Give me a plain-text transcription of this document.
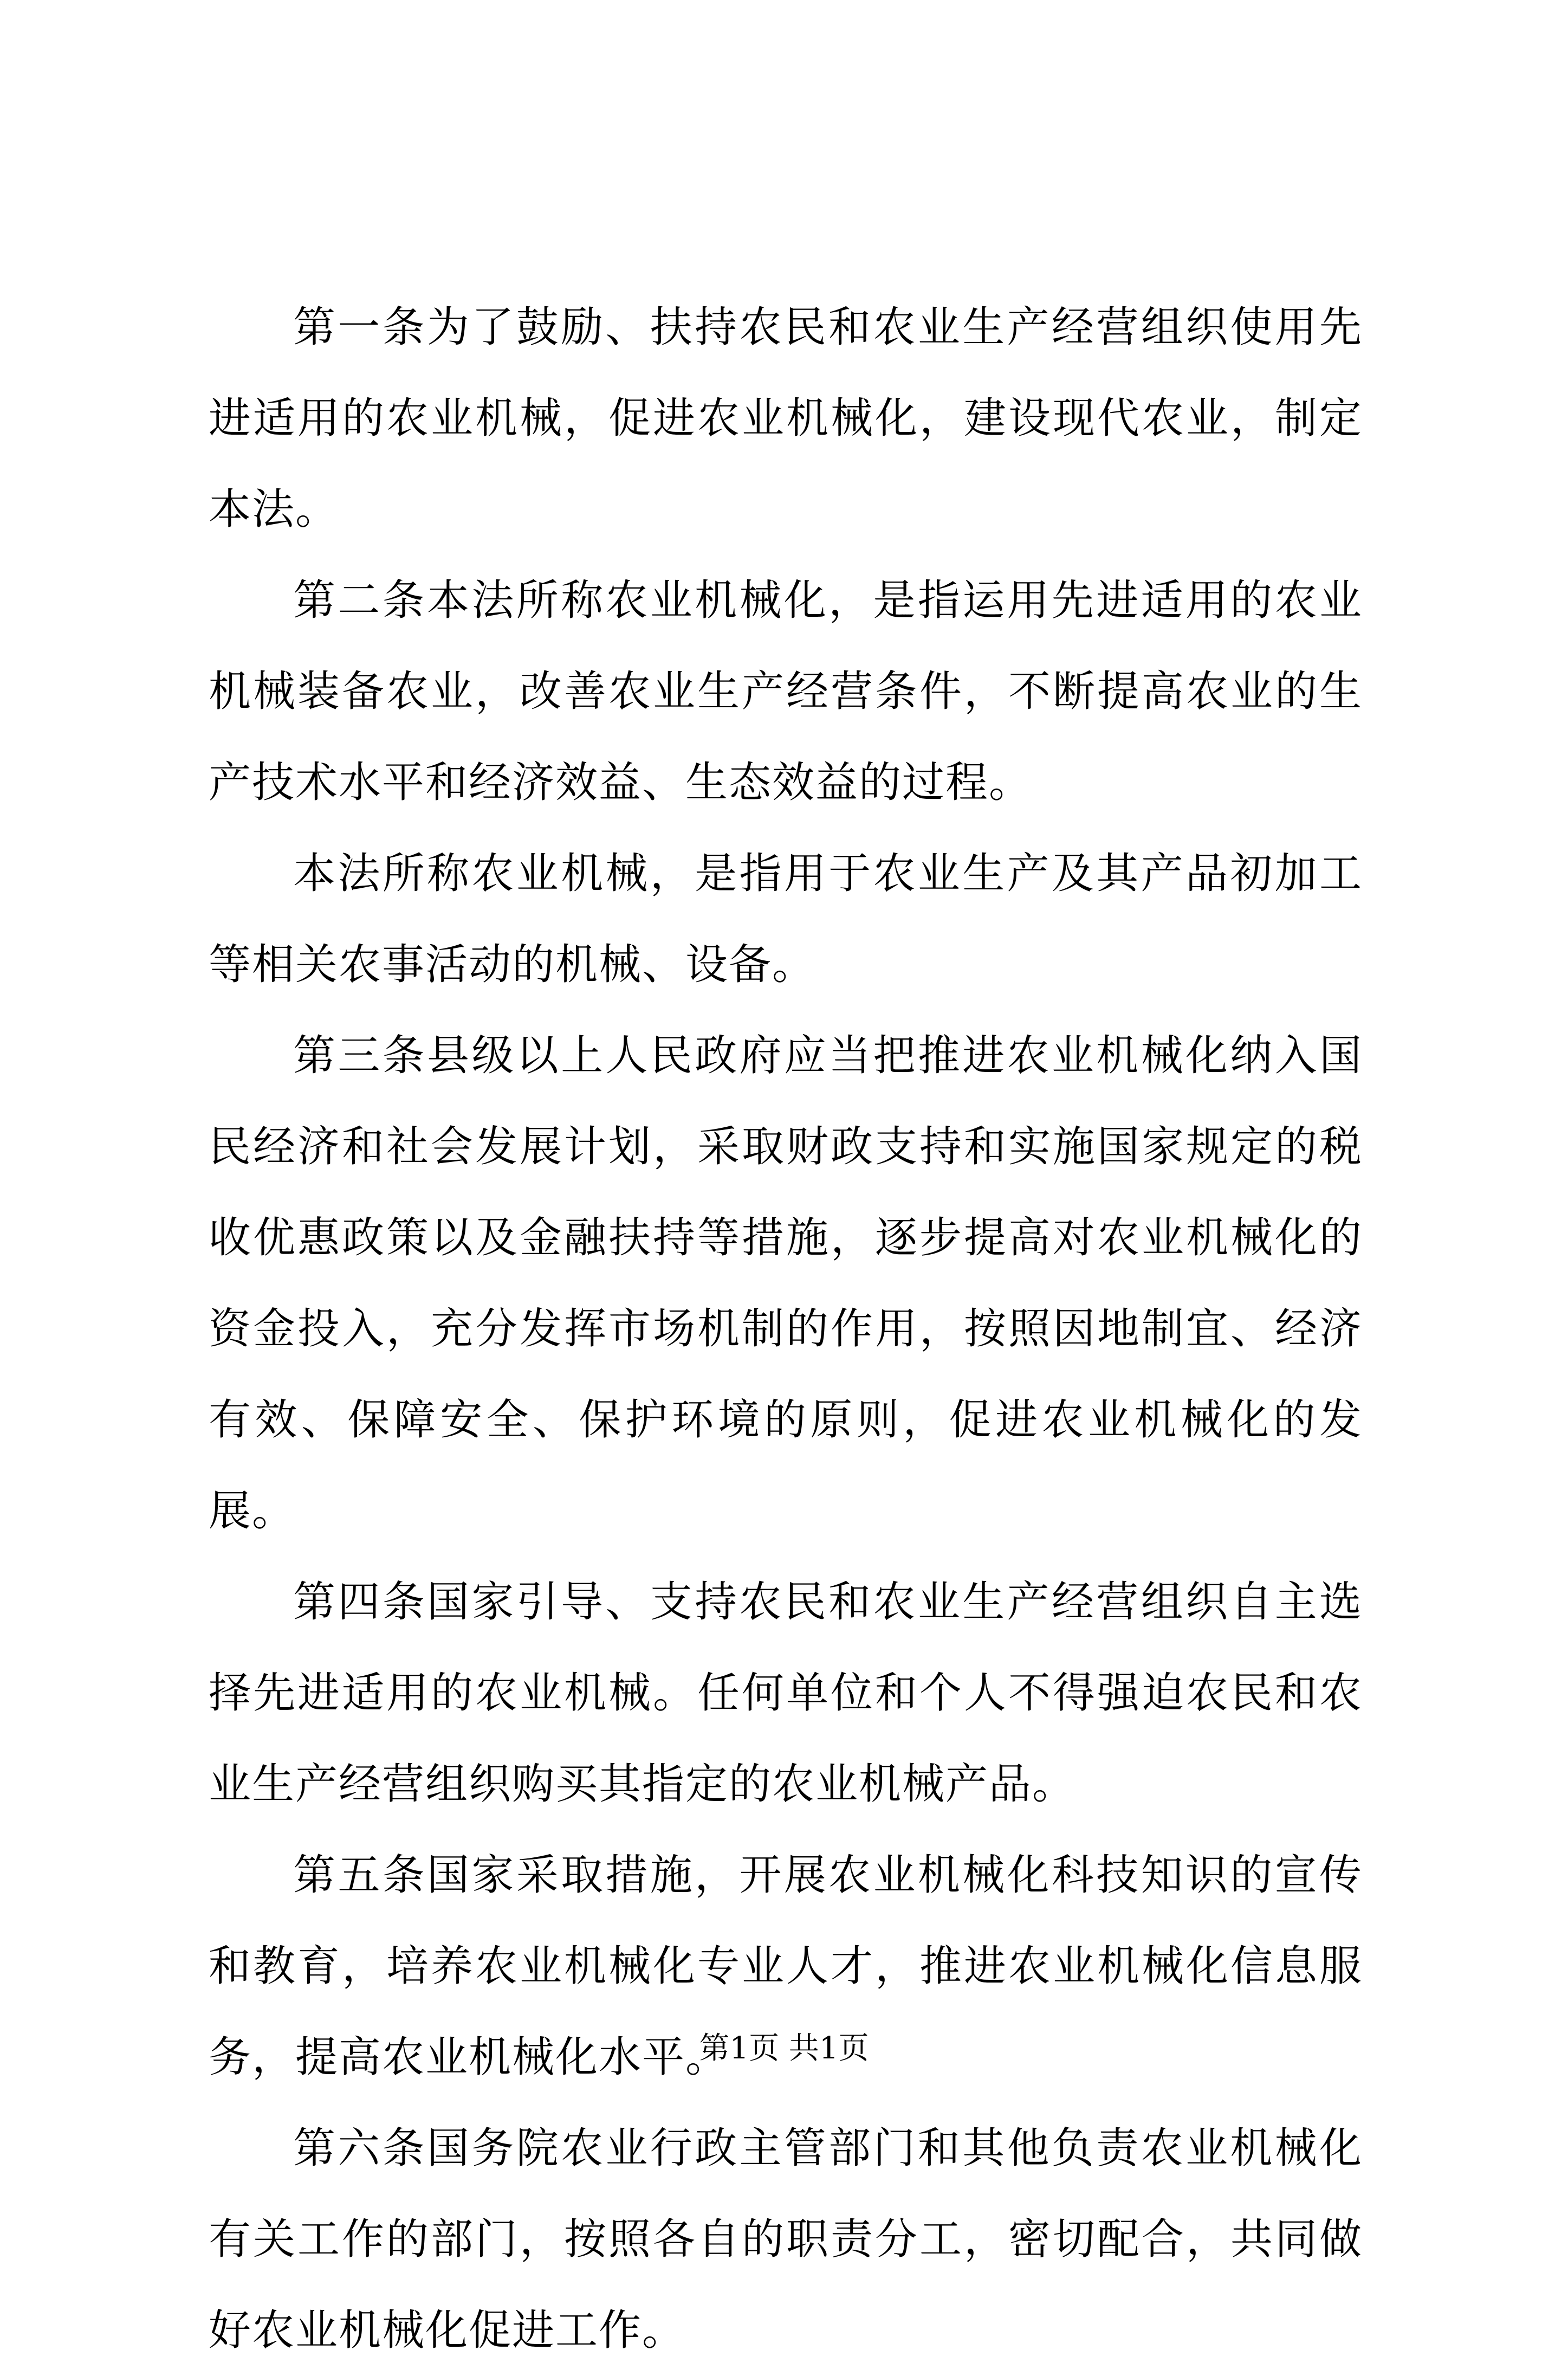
第一条为了鼓励、扶持农民和农业生产经营组织使用先进适用的农业机械，促进农业机械化，建设现代农业，制定本法。

第二条本法所称农业机械化，是指运用先进适用的农业机械装备农业，改善农业生产经营条件，不断提高农业的生产技术水平和经济效益、生态效益的过程。

本法所称农业机械，是指用于农业生产及其产品初加工等相关农事活动的机械、设备。

第三条县级以上人民政府应当把推进农业机械化纳入国民经济和社会发展计划，采取财政支持和实施国家规定的税收优惠政策以及金融扶持等措施，逐步提高对农业机械化的资金投入，充分发挥市场机制的作用，按照因地制宜、经济有效、保障安全、保护环境的原则，促进农业机械化的发展。

第四条国家引导、支持农民和农业生产经营组织自主选择先进适用的农业机械。任何单位和个人不得强迫农民和农业生产经营组织购买其指定的农业机械产品。

第五条国家采取措施，开展农业机械化科技知识的宣传和教育，培养农业机械化专业人才，推进农业机械化信息服务，提高农业机械化水平。

第六条国务院农业行政主管部门和其他负责农业机械化有关工作的部门，按照各自的职责分工，密切配合，共同做好农业机械化促进工作。

第1页 共1页
